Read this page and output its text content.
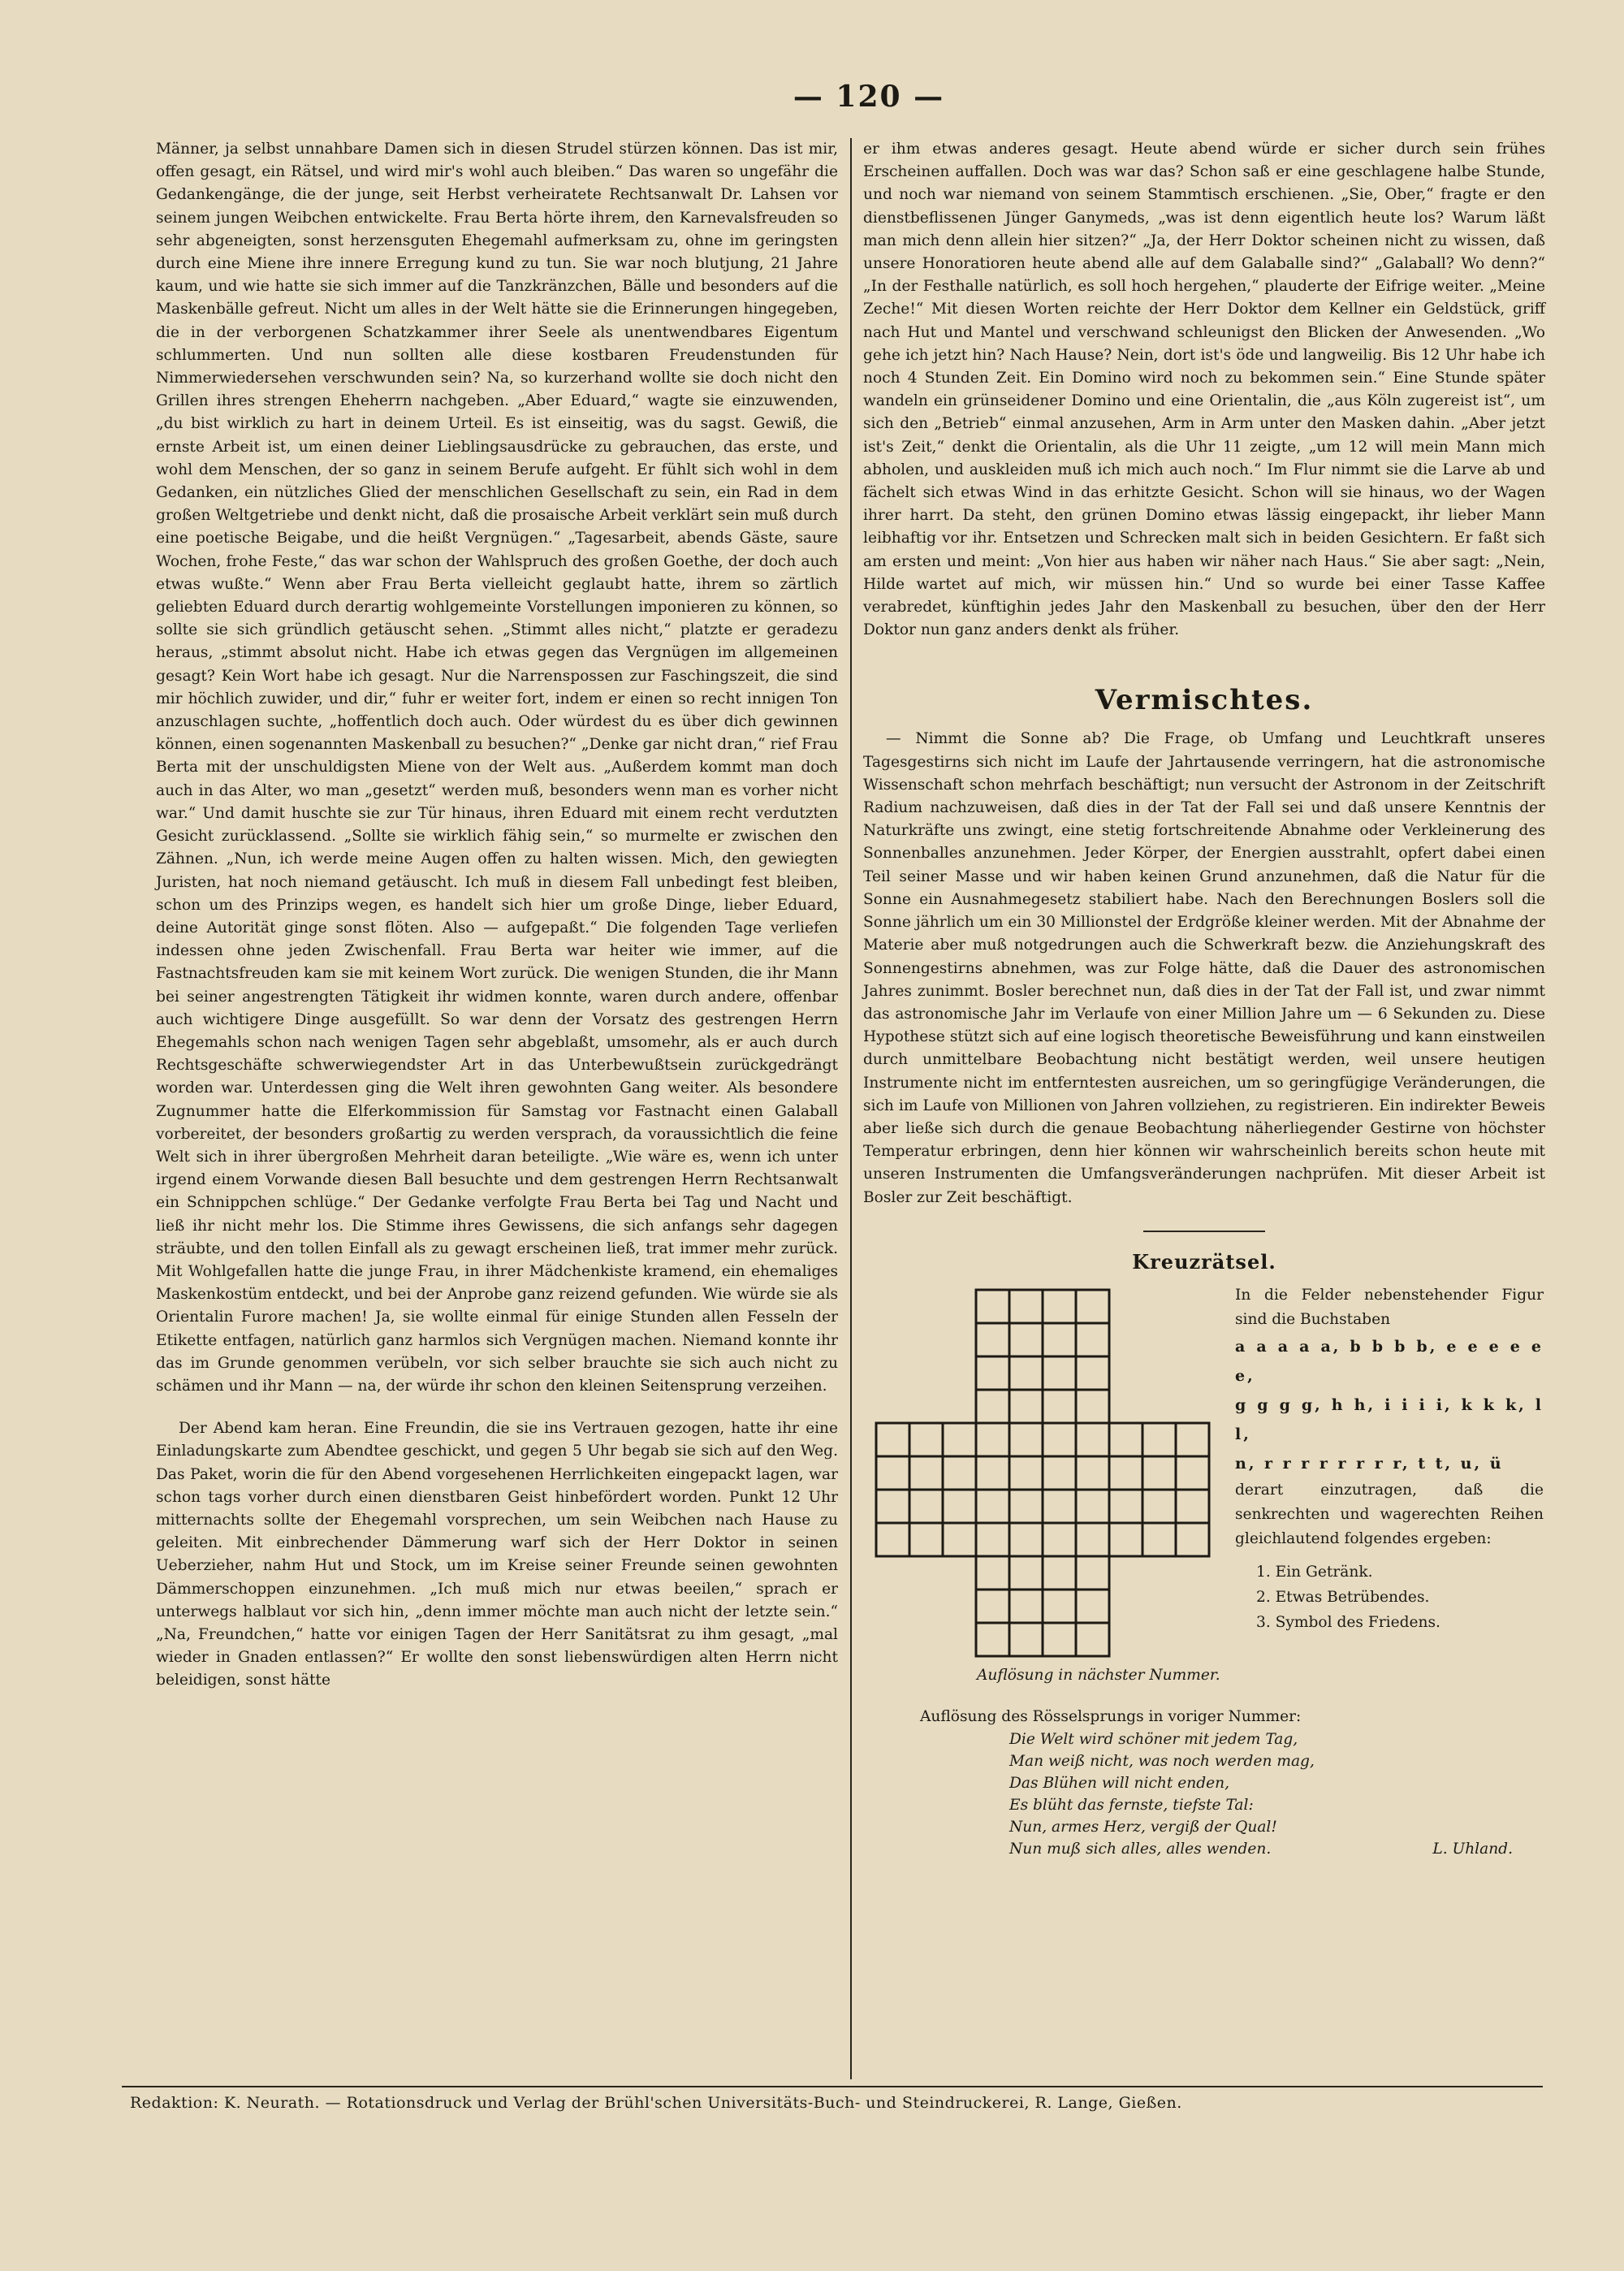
— 120 —

Männer, ja selbst unnahbare Damen sich in diesen Strudel stürzen können. Das ist mir, offen gesagt, ein Rätsel, und wird mir's wohl auch bleiben.“ Das waren so ungefähr die Gedankengänge, die der junge, seit Herbst verheiratete Rechtsanwalt Dr. Lahsen vor seinem jungen Weibchen entwickelte. Frau Berta hörte ihrem, den Karnevalsfreuden so sehr abgeneigten, sonst herzensguten Ehegemahl aufmerksam zu, ohne im geringsten durch eine Miene ihre innere Erregung kund zu tun. Sie war noch blutjung, 21 Jahre kaum, und wie hatte sie sich immer auf die Tanzkränzchen, Bälle und besonders auf die Maskenbälle gefreut. Nicht um alles in der Welt hätte sie die Erinnerungen hingegeben, die in der verborgenen Schatzkammer ihrer Seele als unentwendbares Eigentum schlummerten. Und nun sollten alle diese kostbaren Freudenstunden für Nimmerwiedersehen verschwunden sein? Na, so kurzerhand wollte sie doch nicht den Grillen ihres strengen Eheherrn nachgeben. „Aber Eduard,“ wagte sie einzuwenden, „du bist wirklich zu hart in deinem Urteil. Es ist einseitig, was du sagst. Gewiß, die ernste Arbeit ist, um einen deiner Lieblingsausdrücke zu gebrauchen, das erste, und wohl dem Menschen, der so ganz in seinem Berufe aufgeht. Er fühlt sich wohl in dem Gedanken, ein nützliches Glied der menschlichen Gesellschaft zu sein, ein Rad in dem großen Weltgetriebe und denkt nicht, daß die prosaische Arbeit verklärt sein muß durch eine poetische Beigabe, und die heißt Vergnügen.“ „Tagesarbeit, abends Gäste, saure Wochen, frohe Feste,“ das war schon der Wahlspruch des großen Goethe, der doch auch etwas wußte.“ Wenn aber Frau Berta vielleicht geglaubt hatte, ihrem so zärtlich geliebten Eduard durch derartig wohlgemeinte Vorstellungen imponieren zu können, so sollte sie sich gründlich getäuscht sehen. „Stimmt alles nicht,“ platzte er geradezu heraus, „stimmt absolut nicht. Habe ich etwas gegen das Vergnügen im allgemeinen gesagt? Kein Wort habe ich gesagt. Nur die Narrenspossen zur Faschingszeit, die sind mir höchlich zuwider, und dir,“ fuhr er weiter fort, indem er einen so recht innigen Ton anzuschlagen suchte, „hoffentlich doch auch. Oder würdest du es über dich gewinnen können, einen sogenannten Maskenball zu besuchen?“ „Denke gar nicht dran,“ rief Frau Berta mit der unschuldigsten Miene von der Welt aus. „Außerdem kommt man doch auch in das Alter, wo man „gesetzt“ werden muß, besonders wenn man es vorher nicht war.“ Und damit huschte sie zur Tür hinaus, ihren Eduard mit einem recht verdutzten Gesicht zurücklassend. „Sollte sie wirklich fähig sein,“ so murmelte er zwischen den Zähnen. „Nun, ich werde meine Augen offen zu halten wissen. Mich, den gewiegten Juristen, hat noch niemand getäuscht. Ich muß in diesem Fall unbedingt fest bleiben, schon um des Prinzips wegen, es handelt sich hier um große Dinge, lieber Eduard, deine Autorität ginge sonst flöten. Also — aufgepaßt.“ Die folgenden Tage verliefen indessen ohne jeden Zwischenfall. Frau Berta war heiter wie immer, auf die Fastnachtsfreuden kam sie mit keinem Wort zurück. Die wenigen Stunden, die ihr Mann bei seiner angestrengten Tätigkeit ihr widmen konnte, waren durch andere, offenbar auch wichtigere Dinge ausgefüllt. So war denn der Vorsatz des gestrengen Herrn Ehegemahls schon nach wenigen Tagen sehr abgeblaßt, umsomehr, als er auch durch Rechtsgeschäfte schwerwiegendster Art in das Unterbewußtsein zurückgedrängt worden war. Unterdessen ging die Welt ihren gewohnten Gang weiter. Als besondere Zugnummer hatte die Elferkommission für Samstag vor Fastnacht einen Galaball vorbereitet, der besonders großartig zu werden versprach, da voraussichtlich die feine Welt sich in ihrer übergroßen Mehrheit daran beteiligte. „Wie wäre es, wenn ich unter irgend einem Vorwande diesen Ball besuchte und dem gestrengen Herrn Rechtsanwalt ein Schnippchen schlüge.“ Der Gedanke verfolgte Frau Berta bei Tag und Nacht und ließ ihr nicht mehr los. Die Stimme ihres Gewissens, die sich anfangs sehr dagegen sträubte, und den tollen Einfall als zu gewagt erscheinen ließ, trat immer mehr zurück. Mit Wohlgefallen hatte die junge Frau, in ihrer Mädchenkiste kramend, ein ehemaliges Maskenkostüm entdeckt, und bei der Anprobe ganz reizend gefunden. Wie würde sie als Orientalin Furore machen! Ja, sie wollte einmal für einige Stunden allen Fesseln der Etikette entfagen, natürlich ganz harmlos sich Vergnügen machen. Niemand konnte ihr das im Grunde genommen verübeln, vor sich selber brauchte sie sich auch nicht zu schämen und ihr Mann — na, der würde ihr schon den kleinen Seitensprung verzeihen.

Der Abend kam heran. Eine Freundin, die sie ins Vertrauen gezogen, hatte ihr eine Einladungskarte zum Abendtee geschickt, und gegen 5 Uhr begab sie sich auf den Weg. Das Paket, worin die für den Abend vorgesehenen Herrlichkeiten eingepackt lagen, war schon tags vorher durch einen dienstbaren Geist hinbefördert worden. Punkt 12 Uhr mitternachts sollte der Ehegemahl vorsprechen, um sein Weibchen nach Hause zu geleiten. Mit einbrechender Dämmerung warf sich der Herr Doktor in seinen Ueberzieher, nahm Hut und Stock, um im Kreise seiner Freunde seinen gewohnten Dämmerschoppen einzunehmen. „Ich muß mich nur etwas beeilen,“ sprach er unterwegs halblaut vor sich hin, „denn immer möchte man auch nicht der letzte sein.“ „Na, Freundchen,“ hatte vor einigen Tagen der Herr Sanitätsrat zu ihm gesagt, „mal wieder in Gnaden entlassen?“ Er wollte den sonst liebenswürdigen alten Herrn nicht beleidigen, sonst hätte

er ihm etwas anderes gesagt. Heute abend würde er sicher durch sein frühes Erscheinen auffallen. Doch was war das? Schon saß er eine geschlagene halbe Stunde, und noch war niemand von seinem Stammtisch erschienen. „Sie, Ober,“ fragte er den dienstbeflissenen Jünger Ganymeds, „was ist denn eigentlich heute los? Warum läßt man mich denn allein hier sitzen?“ „Ja, der Herr Doktor scheinen nicht zu wissen, daß unsere Honoratioren heute abend alle auf dem Galaballe sind?“ „Galaball? Wo denn?“ „In der Festhalle natürlich, es soll hoch hergehen,“ plauderte der Eifrige weiter. „Meine Zeche!“ Mit diesen Worten reichte der Herr Doktor dem Kellner ein Geldstück, griff nach Hut und Mantel und verschwand schleunigst den Blicken der Anwesenden. „Wo gehe ich jetzt hin? Nach Hause? Nein, dort ist's öde und langweilig. Bis 12 Uhr habe ich noch 4 Stunden Zeit. Ein Domino wird noch zu bekommen sein.“ Eine Stunde später wandeln ein grünseidener Domino und eine Orientalin, die „aus Köln zugereist ist“, um sich den „Betrieb“ einmal anzusehen, Arm in Arm unter den Masken dahin. „Aber jetzt ist's Zeit,“ denkt die Orientalin, als die Uhr 11 zeigte, „um 12 will mein Mann mich abholen, und auskleiden muß ich mich auch noch.“ Im Flur nimmt sie die Larve ab und fächelt sich etwas Wind in das erhitzte Gesicht. Schon will sie hinaus, wo der Wagen ihrer harrt. Da steht, den grünen Domino etwas lässig eingepackt, ihr lieber Mann leibhaftig vor ihr. Entsetzen und Schrecken malt sich in beiden Gesichtern. Er faßt sich am ersten und meint: „Von hier aus haben wir näher nach Haus.“ Sie aber sagt: „Nein, Hilde wartet auf mich, wir müssen hin.“ Und so wurde bei einer Tasse Kaffee verabredet, künftighin jedes Jahr den Maskenball zu besuchen, über den der Herr Doktor nun ganz anders denkt als früher.

Vermischtes.

— Nimmt die Sonne ab? Die Frage, ob Umfang und Leuchtkraft unseres Tagesgestirns sich nicht im Laufe der Jahrtausende verringern, hat die astronomische Wissenschaft schon mehrfach beschäftigt; nun versucht der Astronom in der Zeitschrift Radium nachzuweisen, daß dies in der Tat der Fall sei und daß unsere Kenntnis der Naturkräfte uns zwingt, eine stetig fortschreitende Abnahme oder Verkleinerung des Sonnenballes anzunehmen. Jeder Körper, der Energien ausstrahlt, opfert dabei einen Teil seiner Masse und wir haben keinen Grund anzunehmen, daß die Natur für die Sonne ein Ausnahmegesetz stabiliert habe. Nach den Berechnungen Boslers soll die Sonne jährlich um ein 30 Millionstel der Erdgröße kleiner werden. Mit der Abnahme der Materie aber muß notgedrungen auch die Schwerkraft bezw. die Anziehungskraft des Sonnengestirns abnehmen, was zur Folge hätte, daß die Dauer des astronomischen Jahres zunimmt. Bosler berechnet nun, daß dies in der Tat der Fall ist, und zwar nimmt das astronomische Jahr im Verlaufe von einer Million Jahre um — 6 Sekunden zu. Diese Hypothese stützt sich auf eine logisch theoretische Beweisführung und kann einstweilen durch unmittelbare Beobachtung nicht bestätigt werden, weil unsere heutigen Instrumente nicht im entferntesten ausreichen, um so geringfügige Veränderungen, die sich im Laufe von Millionen von Jahren vollziehen, zu registrieren. Ein indirekter Beweis aber ließe sich durch die genaue Beobachtung näherliegender Gestirne von höchster Temperatur erbringen, denn hier können wir wahrscheinlich bereits schon heute mit unseren Instrumenten die Umfangsveränderungen nachprüfen. Mit dieser Arbeit ist Bosler zur Zeit beschäftigt.

Kreuzrätsel.

In die Felder nebenstehender Figur sind die Buchstaben

a a a a a, b b b b, e e e e e e,

g g g g, h h, i i i i, k k k, l l,

n, r r r r r r r r, t t, u, ü

derart einzutragen, daß die senkrechten und wagerechten Reihen gleichlautend folgendes ergeben:

1. Ein Getränk.
2. Etwas Betrübendes.
3. Symbol des Friedens.
Auflösung in nächster Nummer.
Auflösung des Rösselsprungs in voriger Nummer:
Die Welt wird schöner mit jedem Tag,
Man weiß nicht, was noch werden mag,
Das Blühen will nicht enden,
Es blüht das fernste, tiefste Tal:
Nun, armes Herz, vergiß der Qual!
Nun muß sich alles, alles wenden.	L. Uhland.
Redaktion: K. Neurath. — Rotationsdruck und Verlag der Brühl'schen Universitäts-Buch- und Steindruckerei, R. Lange, Gießen.
